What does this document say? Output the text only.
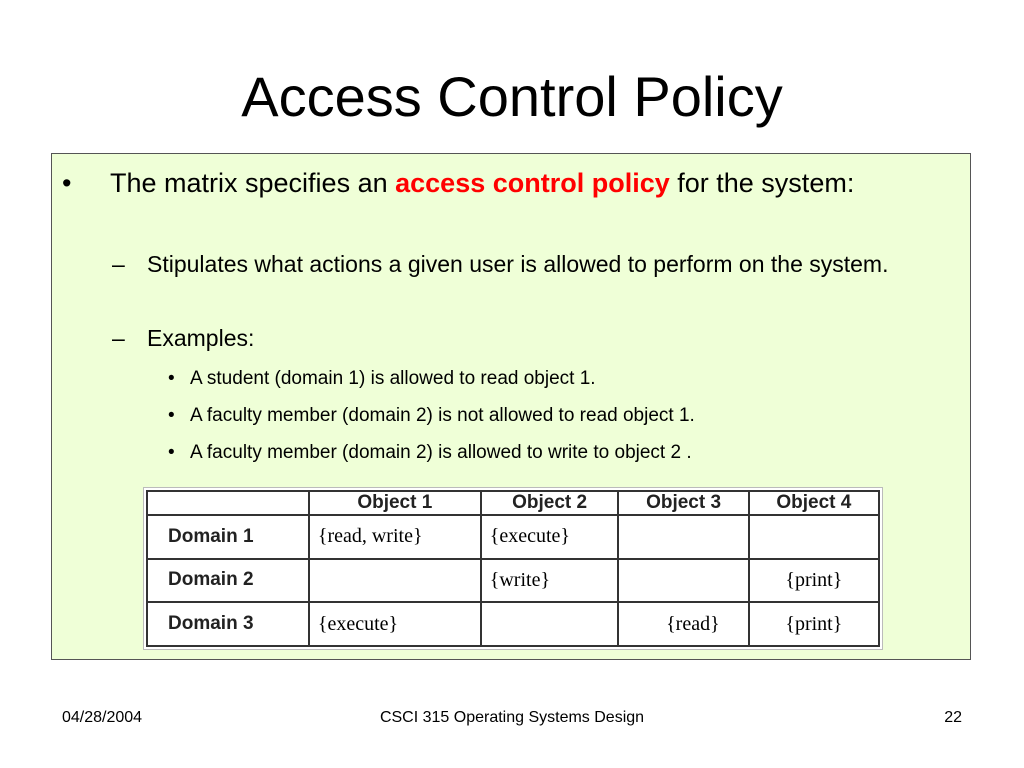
Access Control Policy
•	The matrix specifies an access control policy for the system:
– Stipulates what actions a given user is allowed to perform on the system.
– Examples:
• A student (domain 1) is allowed to read object 1.
• A faculty member (domain 2) is not allowed to read object 1.
• A faculty member (domain 2) is allowed to write to object 2 .
	Object 1	Object 2	Object 3	Object 4
Domain 1	{read, write}	{execute}		
Domain 2		{write}		{print}
Domain 3	{execute}		{read}	{print}
04/28/2004	CSCI 315 Operating Systems Design	22
